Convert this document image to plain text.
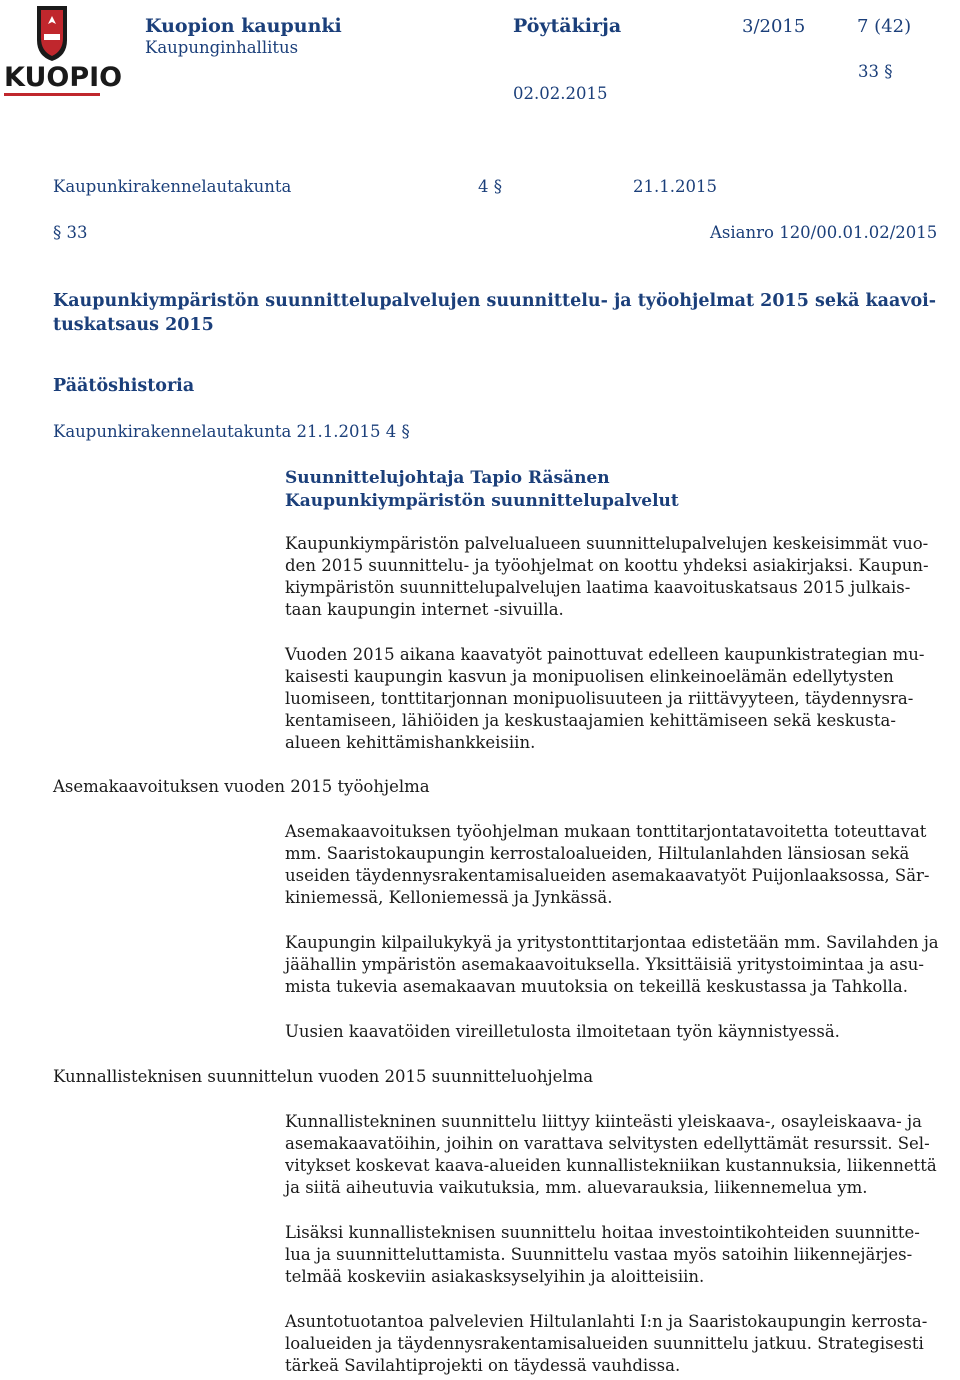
KUOPIO
Kuopion kaupunki
Kaupunginhallitus
Pöytäkirja	3/2015	7 (42)
33 §
02.02.2015
Kaupunkirakennelautakunta	4 §	21.1.2015
§ 33	Asianro 120/00.01.02/2015
Kaupunkiympäristön suunnittelupalvelujen suunnittelu- ja työohjelmat 2015 sekä kaavoi-
tuskatsaus 2015
Päätöshistoria
Kaupunkirakennelautakunta 21.1.2015 4 §
Suunnittelujohtaja Tapio Räsänen
Kaupunkiympäristön suunnittelupalvelut
Kaupunkiympäristön palvelualueen suunnittelupalvelujen keskeisimmät vuo-
den 2015 suunnittelu- ja työohjelmat on koottu yhdeksi asiakirjaksi. Kaupun-
kiympäristön suunnittelupalvelujen laatima kaavoituskatsaus 2015 julkais-
taan kaupungin internet -sivuilla.
Vuoden 2015 aikana kaavatyöt painottuvat edelleen kaupunkistrategian mu-
kaisesti kaupungin kasvun ja monipuolisen elinkeinoelämän edellytysten
luomiseen, tonttitarjonnan monipuolisuuteen ja riittävyyteen, täydennysra-
kentamiseen, lähiöiden ja keskustaajamien kehittämiseen sekä keskusta-
alueen kehittämishankkeisiin.
Asemakaavoituksen vuoden 2015 työohjelma
Asemakaavoituksen työohjelman mukaan tonttitarjontatavoitetta toteuttavat
mm. Saaristokaupungin kerrostaloalueiden, Hiltulanlahden länsiosan sekä
useiden täydennysrakentamisalueiden asemakaavatyöt Puijonlaaksossa, Sär-
kiniemessä, Kelloniemessä ja Jynkässä.
Kaupungin kilpailukykyä ja yritystonttitarjontaa edistetään mm. Savilahden ja
jäähallin ympäristön asemakaavoituksella. Yksittäisiä yritystoimintaa ja asu-
mista tukevia asemakaavan muutoksia on tekeillä keskustassa ja Tahkolla.
Uusien kaavatöiden vireilletulosta ilmoitetaan työn käynnistyessä.
Kunnallisteknisen suunnittelun vuoden 2015 suunnitteluohjelma
Kunnallistekninen suunnittelu liittyy kiinteästi yleiskaava-, osayleiskaava- ja
asemakaavatöihin, joihin on varattava selvitysten edellyttämät resurssit. Sel-
vitykset koskevat kaava-alueiden kunnallistekniikan kustannuksia, liikennettä
ja siitä aiheutuvia vaikutuksia, mm. aluevarauksia, liikennemelua ym.
Lisäksi kunnallisteknisen suunnittelu hoitaa investointikohteiden suunnitte-
lua ja suunnitteluttamista. Suunnittelu vastaa myös satoihin liikennejärjes-
telmää koskeviin asiakasksyselyihin ja aloitteisiin.
Asuntotuotantoa palvelevien Hiltulanlahti I:n ja Saaristokaupungin kerrosta-
loalueiden ja täydennysrakentamisalueiden suunnittelu jatkuu. Strategisesti
tärkeä Savilahtiprojekti on täydessä vauhdissa.
